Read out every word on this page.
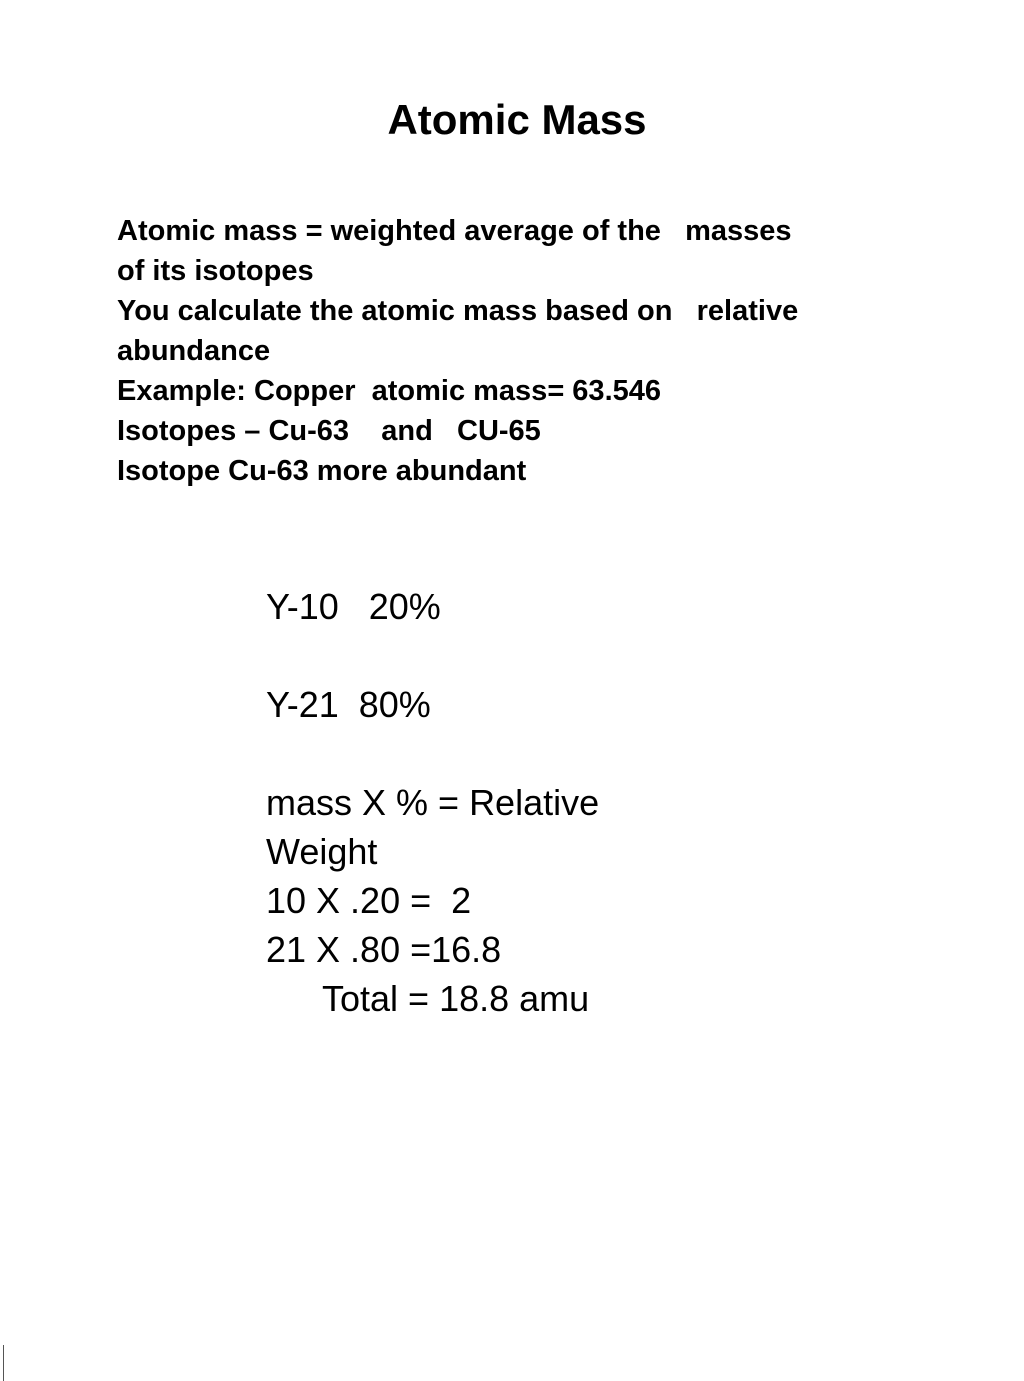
Atomic Mass
Atomic mass = weighted average of the   masses
of its isotopes
You calculate the atomic mass based on   relative
abundance
Example: Copper  atomic mass= 63.546
Isotopes – Cu-63    and   CU-65
Isotope Cu-63 more abundant
Y-10   20%
Y-21  80%
mass X % = Relative
Weight
10 X .20 =  2
21 X .80 =16.8
Total = 18.8 amu
